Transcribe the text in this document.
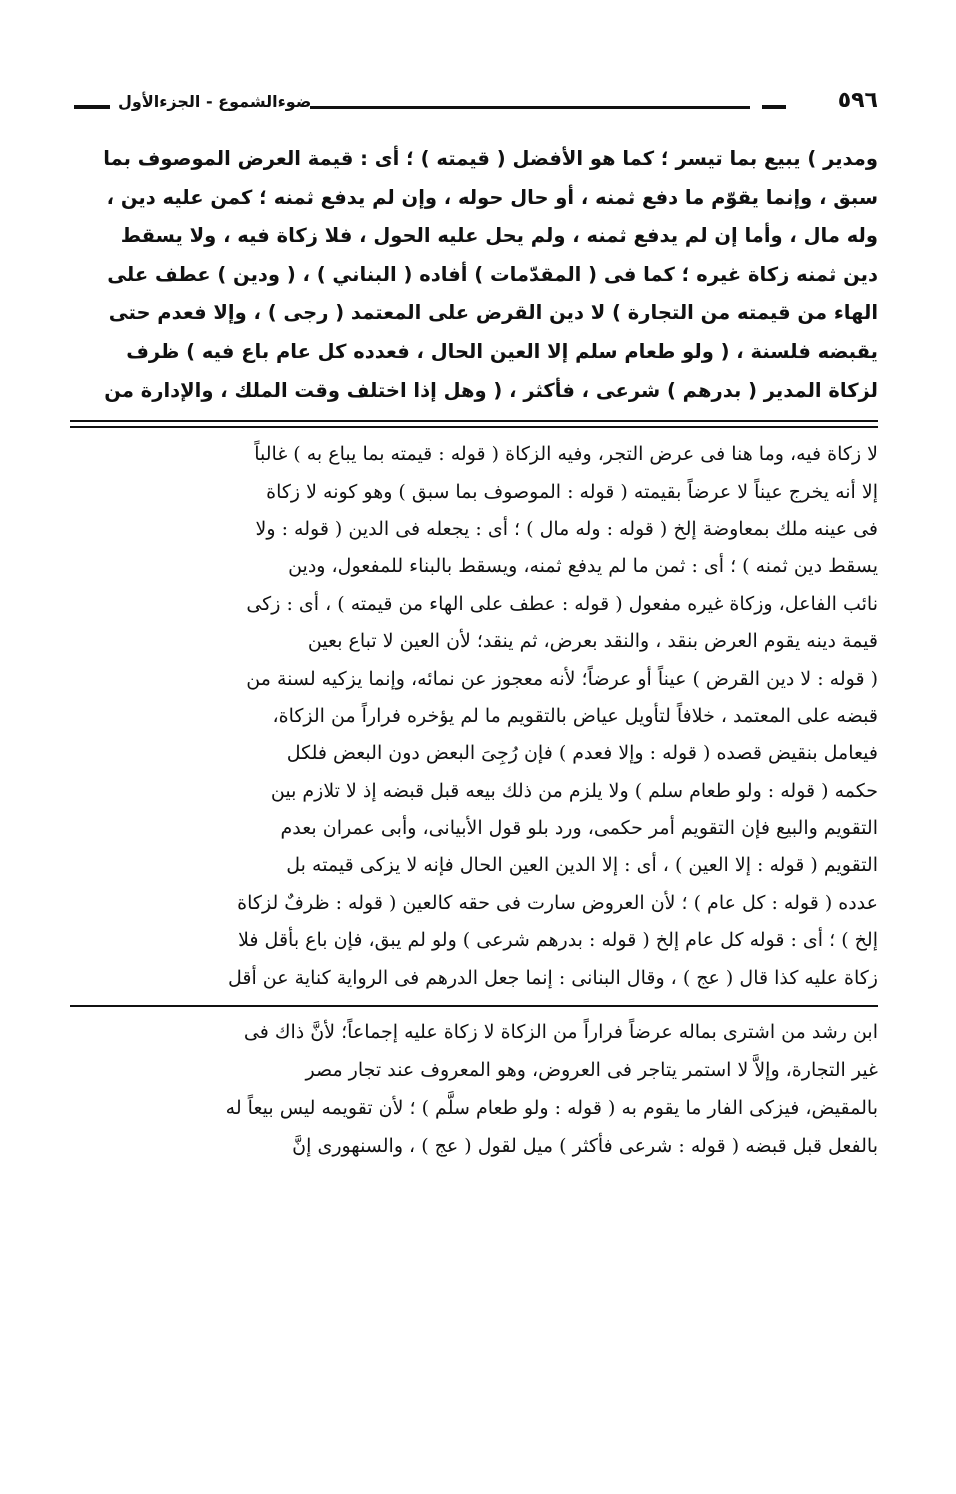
٥٩٦
ضوءالشموع - الجزءالأول
ومدير ) يبيع بما تيسر ؛ كما هو الأفضل ( قيمته ) ؛ أى : قيمة العرض الموصوف بما
سبق ، وإنما يقوّم ما دفع ثمنه ، أو حال حوله ، وإن لم يدفع ثمنه ؛ كمن عليه دين ،
وله مال ، وأما إن لم يدفع ثمنه ، ولم يحل عليه الحول ، فلا زكاة فيه ، ولا يسقط
دين ثمنه زكاة غيره ؛ كما فى ( المقدّمات ) أفاده ( البناني ) ، ( ودين ) عطف على
الهاء من قيمته من التجارة ) لا دين القرض على المعتمد ( رجى ) ، وإلا فعدم حتى
يقبضه فلسنة ، ( ولو طعام سلم إلا العين الحال ، فعدده كل عام باع فيه ) ظرف
لزكاة المدير ( بدرهم ) شرعى ، فأكثر ، ( وهل إذا اختلف وقت الملك ، والإدارة من
لا زكاة فيه، وما هنا فى عرض التجر، وفيه الزكاة ( قوله : قيمته بما يباع به ) غالباً
إلا أنه يخرج عيناً لا عرضاً بقيمته ( قوله : الموصوف بما سبق ) وهو كونه لا زكاة
فى عينه ملك بمعاوضة إلخ ( قوله : وله مال ) ؛ أى : يجعله فى الدين ( قوله : ولا
يسقط دين ثمنه ) ؛ أى : ثمن ما لم يدفع ثمنه، ويسقط بالبناء للمفعول، ودين
نائب الفاعل، وزكاة غيره مفعول ( قوله : عطف على الهاء من قيمته ) ، أى : زكى
قيمة دينه يقوم العرض بنقد ، والنقد بعرض، ثم ينقد؛ لأن العين لا تباع بعين
( قوله : لا دين القرض ) عيناً أو عرضاً؛ لأنه معجوز عن نمائه، وإنما يزكيه لسنة من
قبضه على المعتمد ، خلافاً لتأويل عياض بالتقويم ما لم يؤخره فراراً من الزكاة،
فيعامل بنقيض قصده ( قوله : وإلا فعدم ) فإن رُجِىَ البعض دون البعض فلكل
حكمه ( قوله : ولو طعام سلم ) ولا يلزم من ذلك بيعه قبل قبضه إذ لا تلازم بين
التقويم والبيع فإن التقويم أمر حكمى، ورد بلو قول الأبيانى، وأبى عمران بعدم
التقويم ( قوله : إلا العين ) ، أى : إلا الدين العين الحال فإنه لا يزكى قيمته بل
عدده ( قوله : كل عام ) ؛ لأن العروض سارت فى حقه كالعين ( قوله : ظرفٌ لزكاة
إلخ ) ؛ أى : قوله كل عام إلخ ( قوله : بدرهم شرعى ) ولو لم يبق، فإن باع بأقل فلا
زكاة عليه كذا قال ( عج ) ، وقال البنانى : إنما جعل الدرهم فى الرواية كناية عن أقل
ابن رشد من اشترى بماله عرضاً فراراً من الزكاة لا زكاة عليه إجماعاً؛ لأنَّ ذاك فى
غير التجارة، وإلاَّ لا استمر يتاجر فى العروض، وهو المعروف عند تجار مصر
بالمقيض، فيزكى الفار ما يقوم به ( قوله : ولو طعام سلَّم ) ؛ لأن تقويمه ليس بيعاً له
بالفعل قبل قبضه ( قوله : شرعى فأكثر ) ميل لقول ( عج ) ، والسنهورى إنَّ
